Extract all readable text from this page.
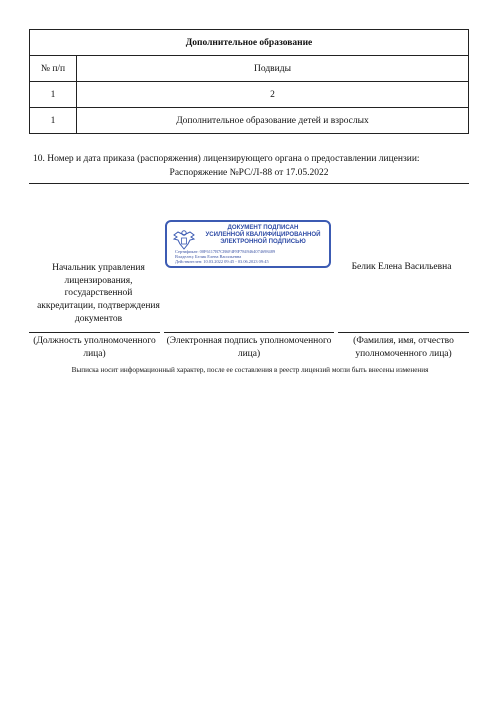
Дополнительное образование	
№ п/п	Подвиды
1	2
1	Дополнительное образование детей и взрослых
10. Номер и дата приказа (распоряжения) лицензирующего органа о предоставлении лицензии:
Распоряжение №РС/Л-88 от 17.05.2022
ДОКУМЕНТ ПОДПИСАН
УСИЛЕННОЙ КВАЛИФИЦИРОВАННОЙ
ЭЛЕКТРОННОЙ ПОДПИСЬЮ
Сертификат: 00F6117B7CB6F4F8F7849464074698489
Владелец: Белик Елена Васильевна
Действителен: 10.03.2022 09:45 - 03.06.2023 09:45
Начальник управления лицензирования, государственной аккредитации, подтверждения документов
Белик Елена Васильевна
(Должность уполномоченного лица)
(Электронная подпись уполномоченного лица)
(Фамилия, имя, отчество уполномоченного лица)
Выписка носит информационный характер, после ее составления в реестр лицензий могли быть внесены изменения
